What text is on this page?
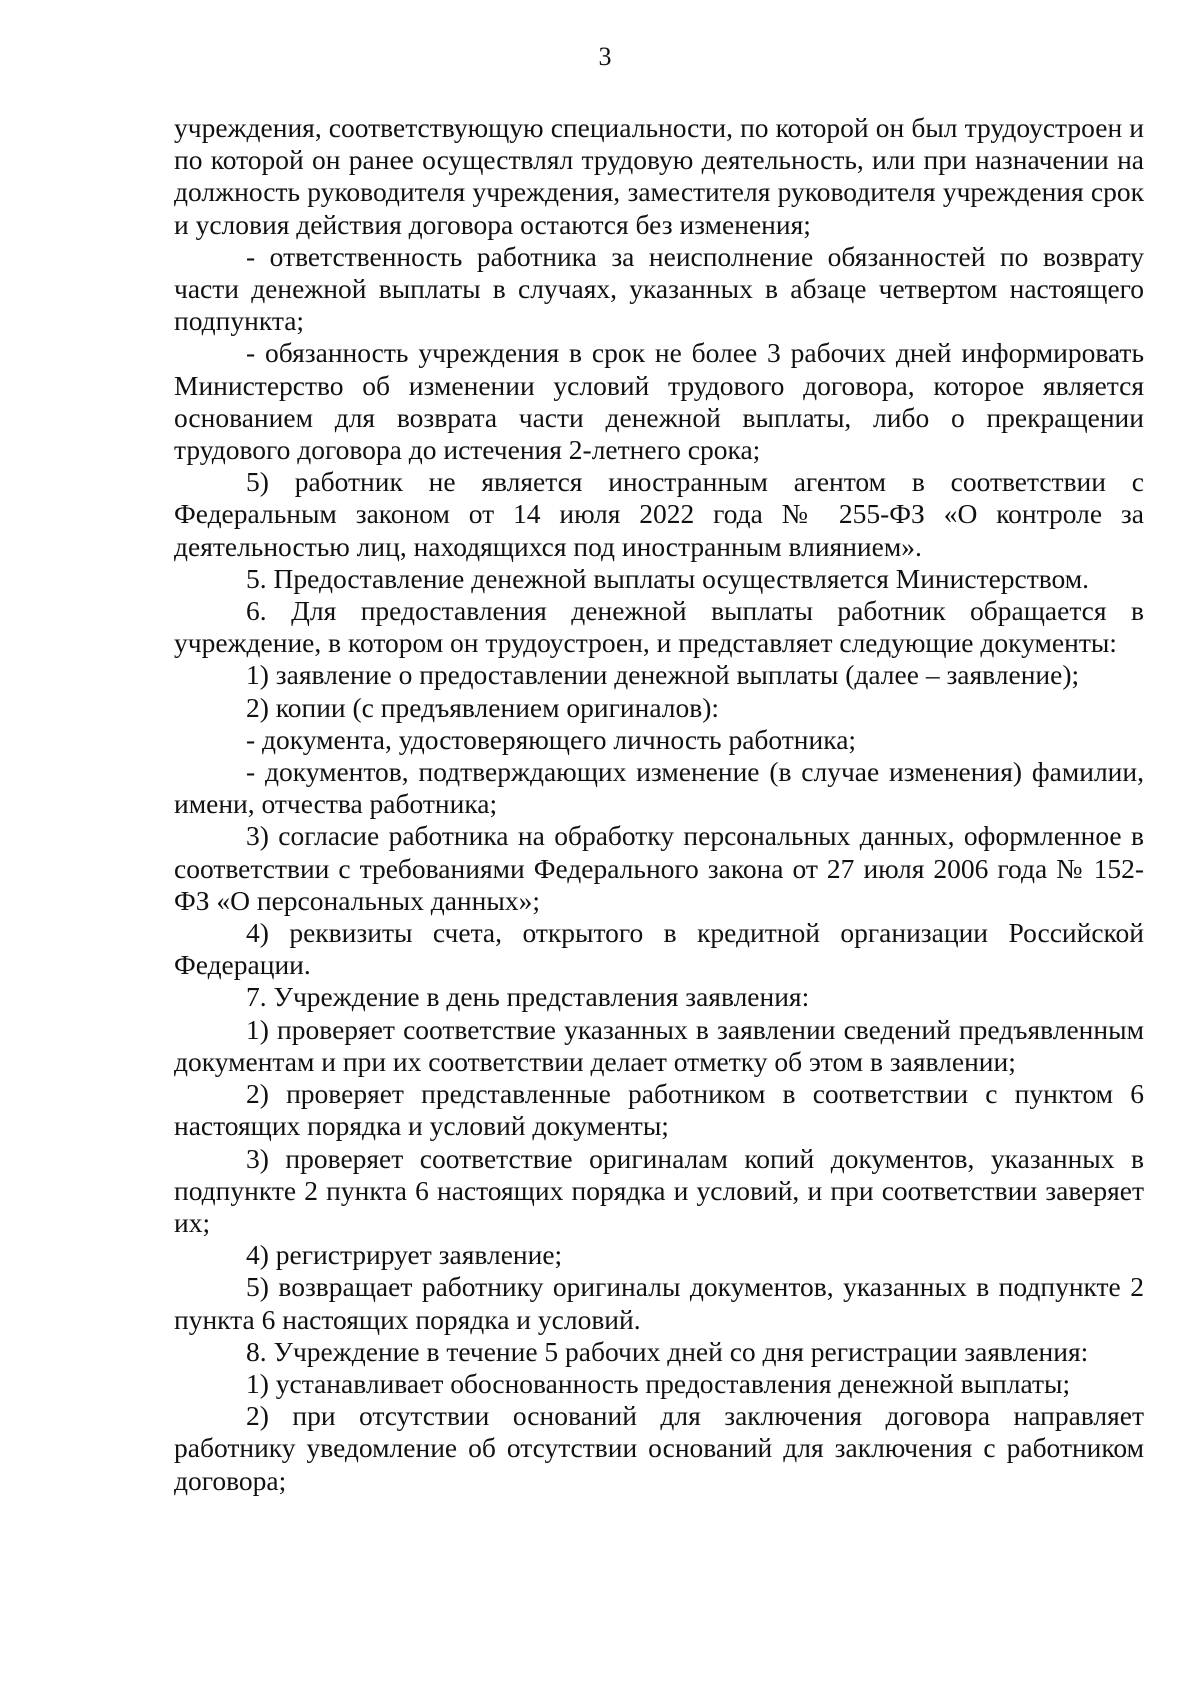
3

учреждения, соответствующую специальности, по которой он был трудоустроен и по которой он ранее осуществлял трудовую деятельность, или при назначении на должность руководителя учреждения, заместителя руководителя учреждения срок и условия действия договора остаются без изменения;

- ответственность работника за неисполнение обязанностей по возврату части денежной выплаты в случаях, указанных в абзаце четвертом настоящего подпункта;

- обязанность учреждения в срок не более 3 рабочих дней информировать Министерство об изменении условий трудового договора, которое является основанием для возврата части денежной выплаты, либо о прекращении трудового договора до истечения 2-летнего срока;

5) работник не является иностранным агентом в соответствии с Федеральным законом от 14 июля 2022 года № 255-ФЗ «О контроле за деятельностью лиц, находящихся под иностранным влиянием».

5. Предоставление денежной выплаты осуществляется Министерством.

6. Для предоставления денежной выплаты работник обращается в учреждение, в котором он трудоустроен, и представляет следующие документы:

1) заявление о предоставлении денежной выплаты (далее – заявление);

2) копии (с предъявлением оригиналов):

- документа, удостоверяющего личность работника;

- документов, подтверждающих изменение (в случае изменения) фамилии, имени, отчества работника;

3) согласие работника на обработку персональных данных, оформленное в соответствии с требованиями Федерального закона от 27 июля 2006 года № 152-ФЗ «О персональных данных»;

4) реквизиты счета, открытого в кредитной организации Российской Федерации.

7. Учреждение в день представления заявления:

1) проверяет соответствие указанных в заявлении сведений предъявленным документам и при их соответствии делает отметку об этом в заявлении;

2) проверяет представленные работником в соответствии с пунктом 6 настоящих порядка и условий документы;

3) проверяет соответствие оригиналам копий документов, указанных в подпункте 2 пункта 6 настоящих порядка и условий, и при соответствии заверяет их;

4) регистрирует заявление;

5) возвращает работнику оригиналы документов, указанных в подпункте 2 пункта 6 настоящих порядка и условий.

8. Учреждение в течение 5 рабочих дней со дня регистрации заявления:

1) устанавливает обоснованность предоставления денежной выплаты;

2) при отсутствии оснований для заключения договора направляет работнику уведомление об отсутствии оснований для заключения с работником договора;
